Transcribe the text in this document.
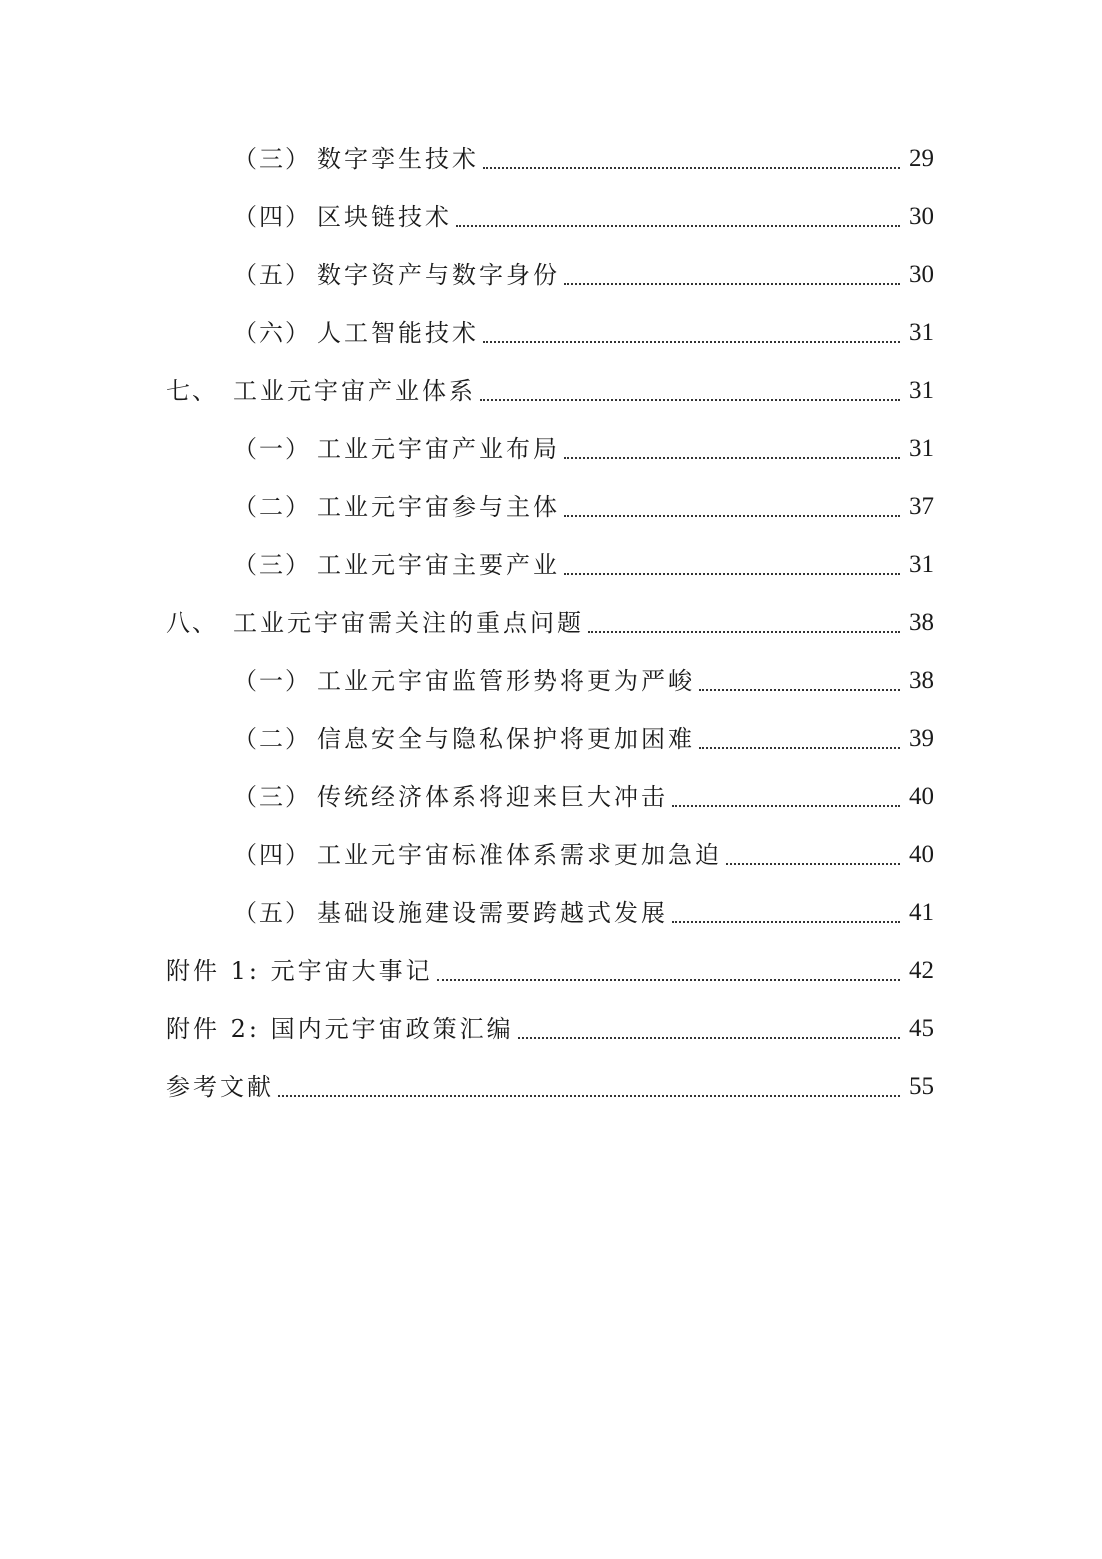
（三） 数字孪生技术	29
（四） 区块链技术	30
（五） 数字资产与数字身份	30
（六） 人工智能技术	31
七、 工业元宇宙产业体系	31
（一） 工业元宇宙产业布局	31
（二） 工业元宇宙参与主体	37
（三） 工业元宇宙主要产业	31
八、 工业元宇宙需关注的重点问题	38
（一） 工业元宇宙监管形势将更为严峻	38
（二） 信息安全与隐私保护将更加困难	39
（三） 传统经济体系将迎来巨大冲击	40
（四） 工业元宇宙标准体系需求更加急迫	40
（五） 基础设施建设需要跨越式发展	41
附件 1: 元宇宙大事记	42
附件 2: 国内元宇宙政策汇编	45
参考文献	55
